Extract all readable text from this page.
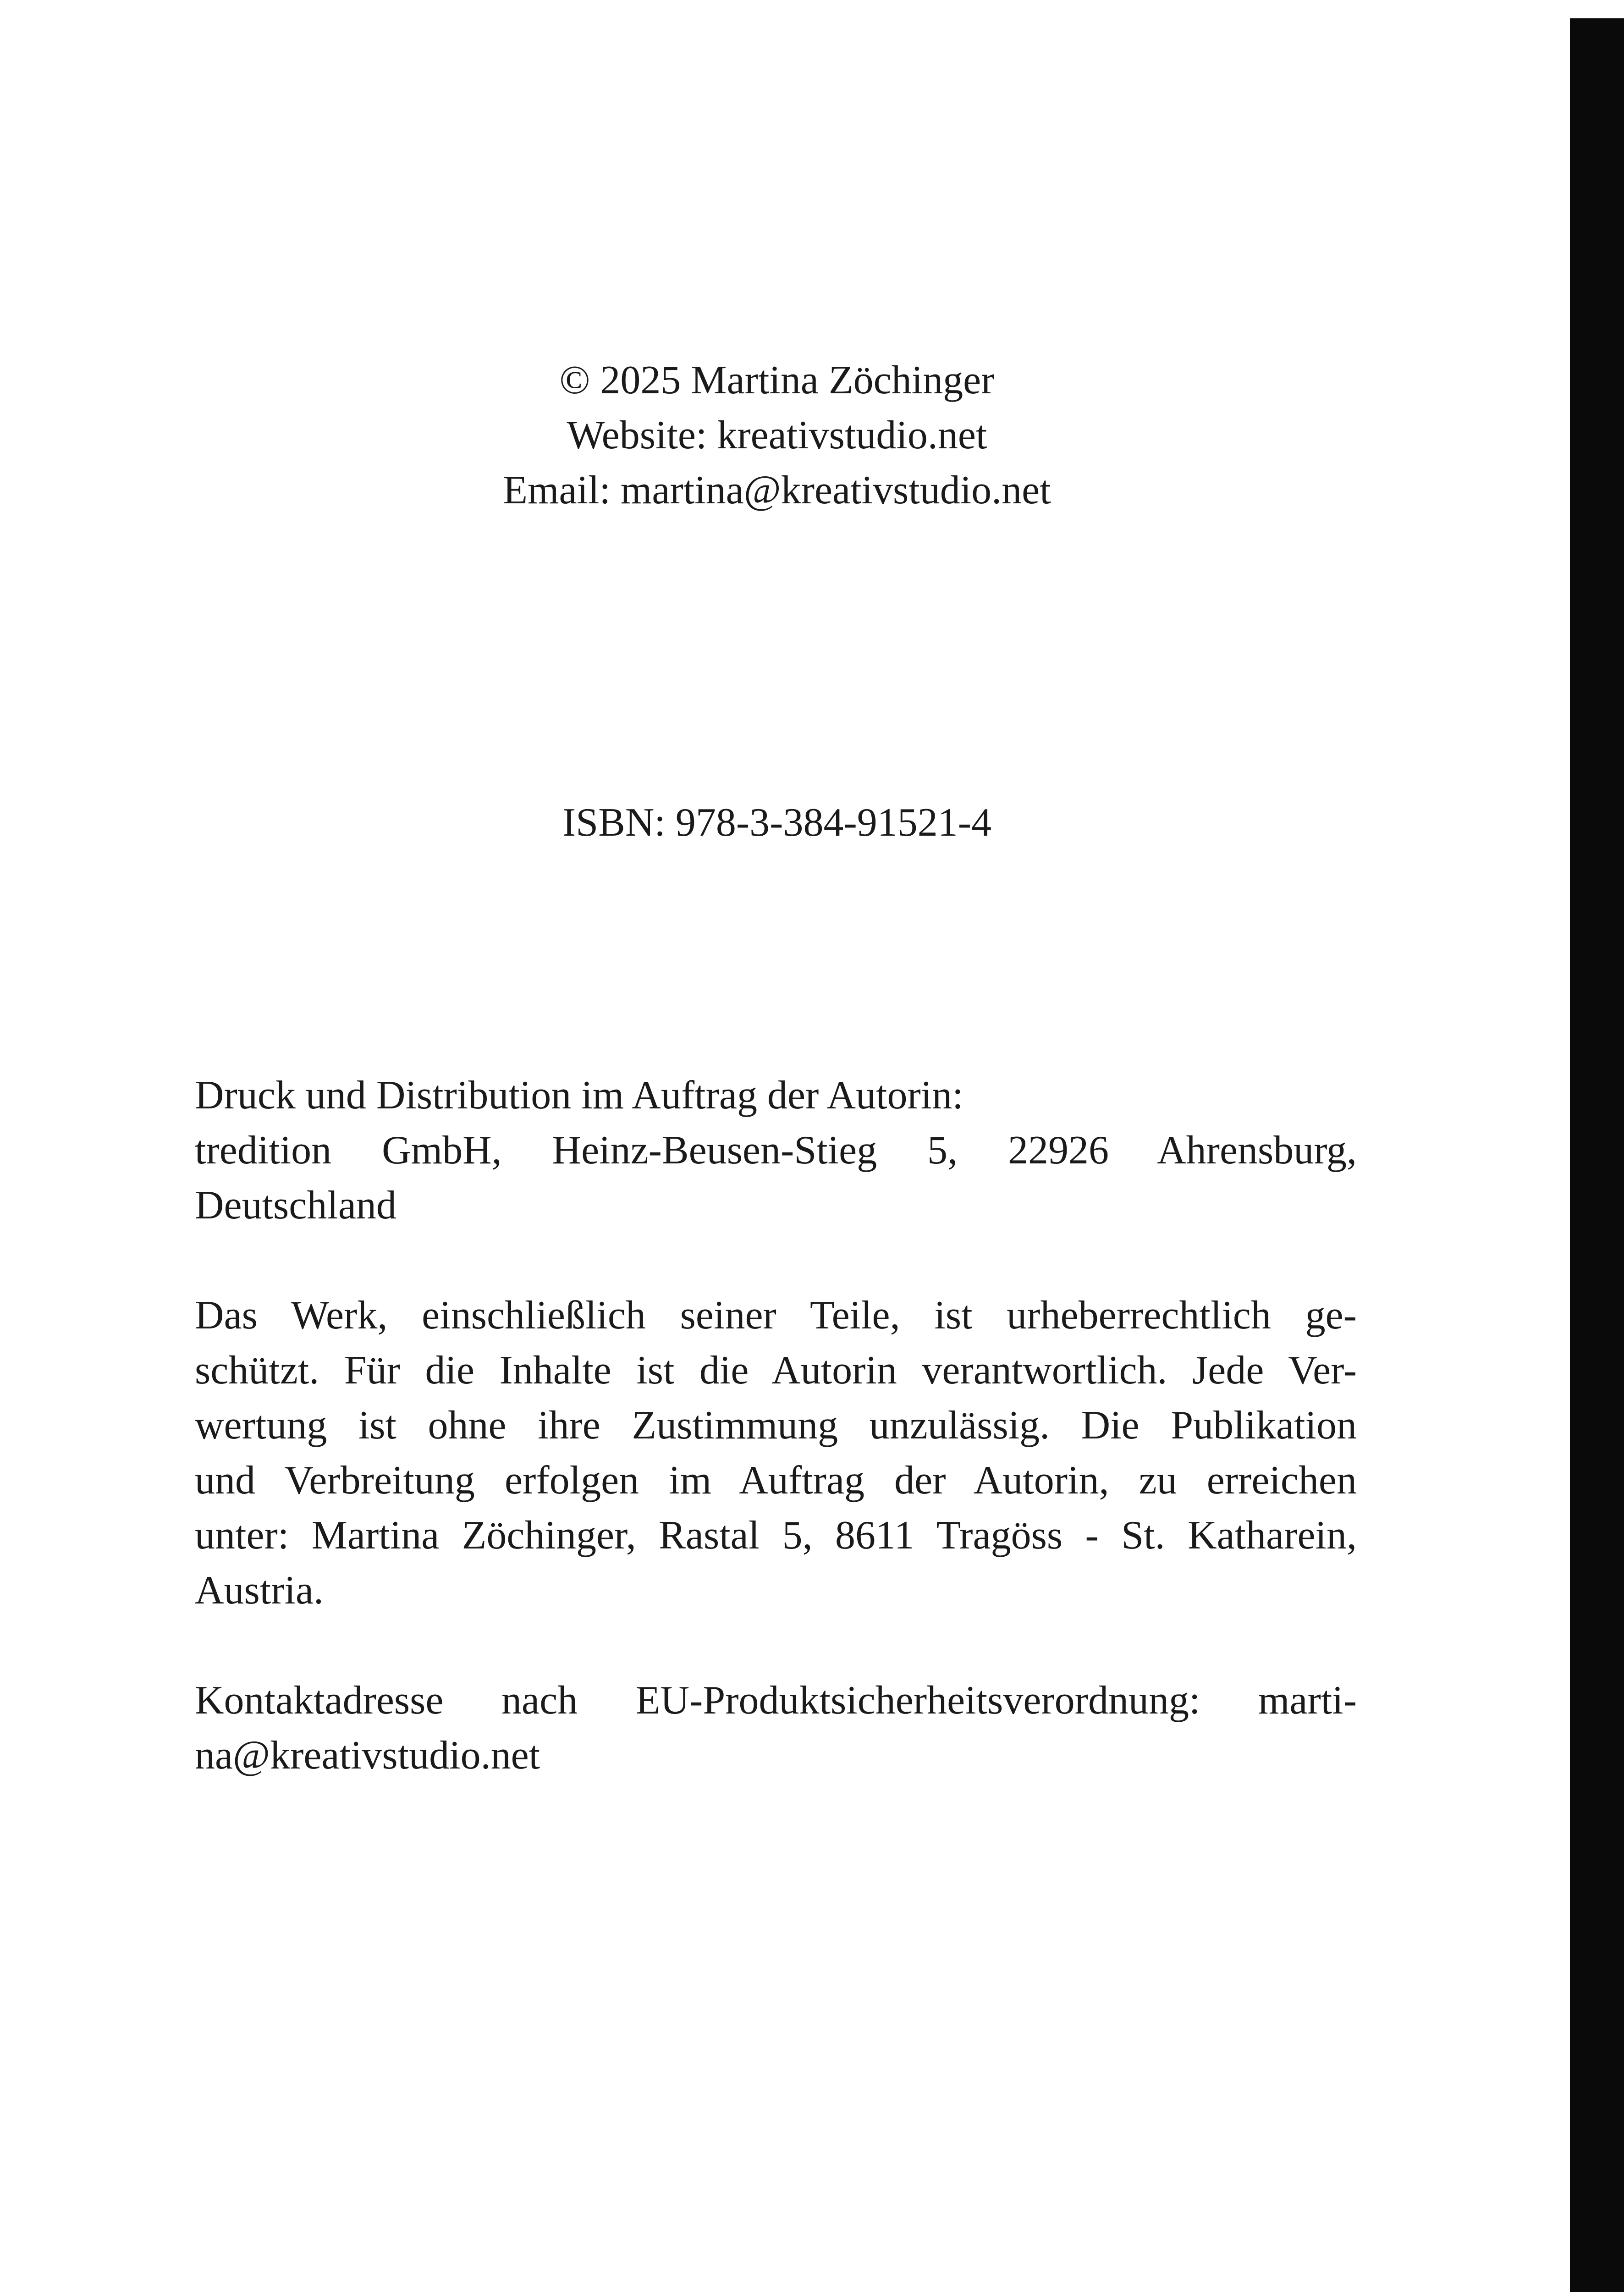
© 2025 Martina Zöchinger
Website: kreativstudio.net
Email: martina@kreativstudio.net
ISBN: 978-3-384-91521-4
Druck und Distribution im Auftrag der Autorin:
tredition GmbH, Heinz-Beusen-Stieg 5, 22926 Ahrensburg,
Deutschland
Das Werk, einschließlich seiner Teile, ist urheberrechtlich ge-
schützt. Für die Inhalte ist die Autorin verantwortlich. Jede Ver-
wertung ist ohne ihre Zustimmung unzulässig. Die Publikation
und Verbreitung erfolgen im Auftrag der Autorin, zu erreichen
unter: Martina Zöchinger, Rastal 5, 8611 Tragöss - St. Katharein,
Austria.
Kontaktadresse nach EU-Produktsicherheitsverordnung: marti-
na@kreativstudio.net
